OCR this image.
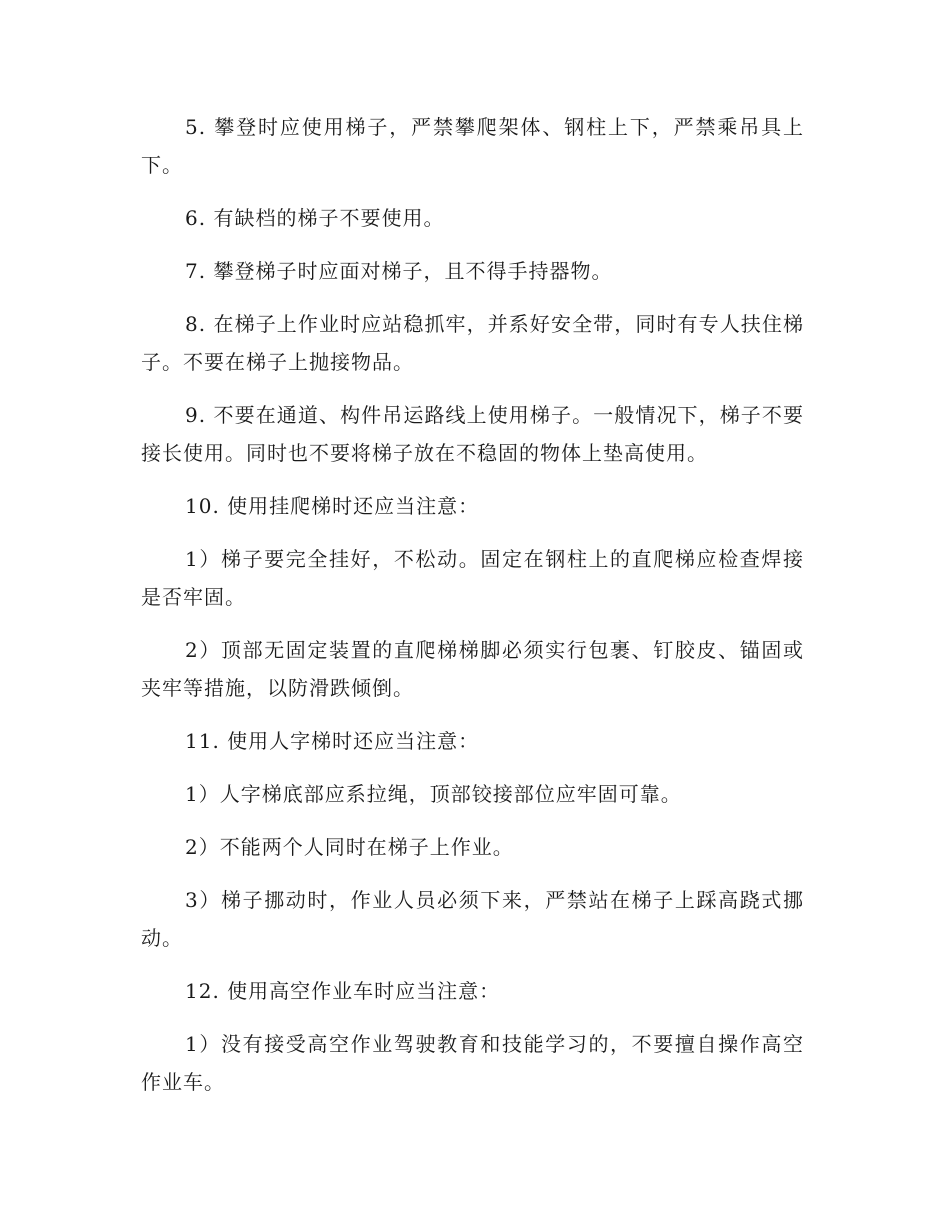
5. 攀登时应使用梯子，严禁攀爬架体、钢柱上下，严禁乘吊具上下。

6. 有缺档的梯子不要使用。

7. 攀登梯子时应面对梯子，且不得手持器物。

8. 在梯子上作业时应站稳抓牢，并系好安全带，同时有专人扶住梯子。不要在梯子上抛接物品。

9. 不要在通道、构件吊运路线上使用梯子。一般情况下，梯子不要接长使用。同时也不要将梯子放在不稳固的物体上垫高使用。

10. 使用挂爬梯时还应当注意：

1）梯子要完全挂好，不松动。固定在钢柱上的直爬梯应检查焊接是否牢固。

2）顶部无固定装置的直爬梯梯脚必须实行包裹、钉胶皮、锚固或夹牢等措施，以防滑跌倾倒。

11. 使用人字梯时还应当注意：

1）人字梯底部应系拉绳，顶部铰接部位应牢固可靠。

2）不能两个人同时在梯子上作业。

3）梯子挪动时，作业人员必须下来，严禁站在梯子上踩高跷式挪动。

12. 使用高空作业车时应当注意：

1）没有接受高空作业驾驶教育和技能学习的，不要擅自操作高空作业车。
